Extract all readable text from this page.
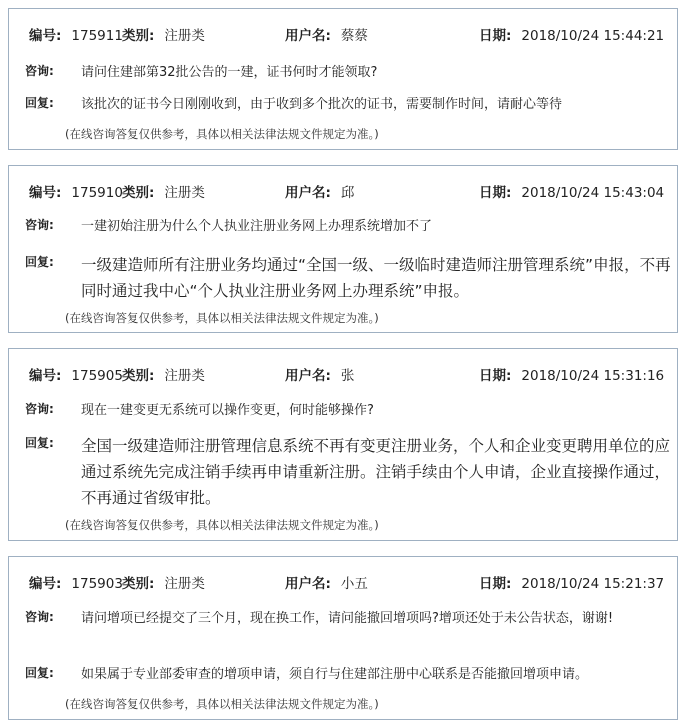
编号: 175911 类别: 注册类	用户名: 蔡蔡	日期: 2018/10/24 15:44:21
咨询: 请问住建部第32批公告的一建，证书何时才能领取?
回复: 该批次的证书今日刚刚收到，由于收到多个批次的证书，需要制作时间，请耐心等待
(在线咨询答复仅供参考，具体以相关法律法规文件规定为准。)
编号: 175910 类别: 注册类	用户名: 邱	日期: 2018/10/24 15:43:04
咨询: 一建初始注册为什么个人执业注册业务网上办理系统增加不了
回复: 一级建造师所有注册业务均通过“全国一级、一级临时建造师注册管理系统”申报，不再同时通过我中心“个人执业注册业务网上办理系统”申报。
(在线咨询答复仅供参考，具体以相关法律法规文件规定为准。)
编号: 175905 类别: 注册类	用户名: 张	日期: 2018/10/24 15:31:16
咨询: 现在一建变更无系统可以操作变更，何时能够操作?
回复: 全国一级建造师注册管理信息系统不再有变更注册业务，个人和企业变更聘用单位的应通过系统先完成注销手续再申请重新注册。注销手续由个人申请，企业直接操作通过，不再通过省级审批。
(在线咨询答复仅供参考，具体以相关法律法规文件规定为准。)
编号: 175903 类别: 注册类	用户名: 小五	日期: 2018/10/24 15:21:37
咨询: 请问增项已经提交了三个月，现在换工作，请问能撤回增项吗?增项还处于未公告状态，谢谢!
回复: 如果属于专业部委审查的增项申请，须自行与住建部注册中心联系是否能撤回增项申请。
(在线咨询答复仅供参考，具体以相关法律法规文件规定为准。)
